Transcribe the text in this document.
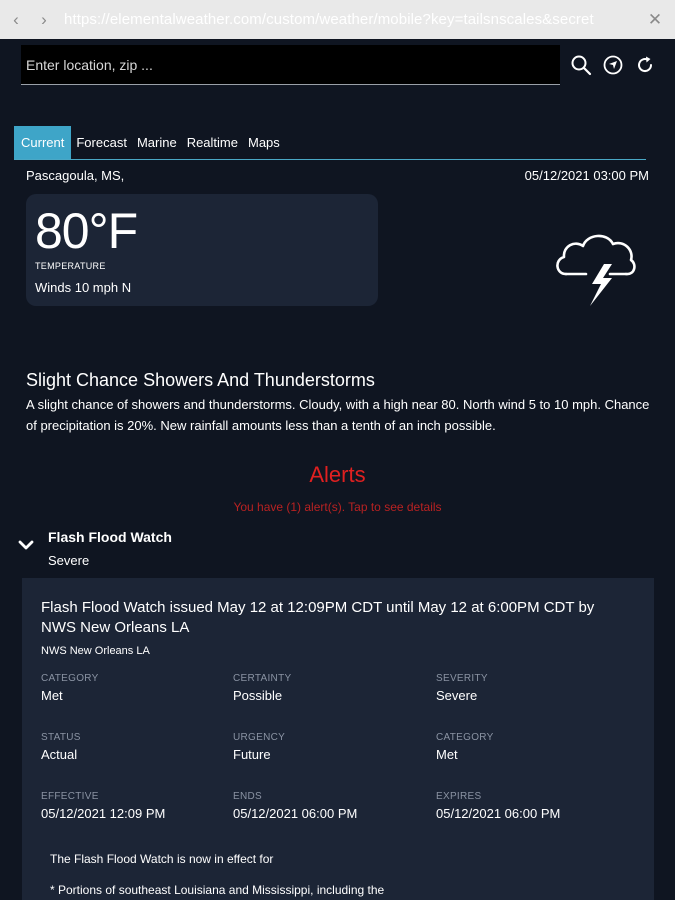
‹	›	https://elementalweather.com/custom/weather/mobile?key=tailsnscales&secret	✕
Enter location, zip ...
Current Forecast Marine Realtime Maps
Pascagoula, MS,	05/12/2021 03:00 PM
80°F
TEMPERATURE
Winds 10 mph N
Slight Chance Showers And Thunderstorms
A slight chance of showers and thunderstorms. Cloudy, with a high near 80. North wind 5 to 10 mph. Chance of precipitation is 20%. New rainfall amounts less than a tenth of an inch possible.
Alerts
You have (1) alert(s). Tap to see details
Flash Flood Watch
Severe
Flash Flood Watch issued May 12 at 12:09PM CDT until May 12 at 6:00PM CDT by NWS New Orleans LA
NWS New Orleans LA
CATEGORY
Met
CERTAINTY
Possible
SEVERITY
Severe
STATUS
Actual
URGENCY
Future
CATEGORY
Met
EFFECTIVE
05/12/2021 12:09 PM
ENDS
05/12/2021 06:00 PM
EXPIRES
05/12/2021 06:00 PM
The Flash Flood Watch is now in effect for
* Portions of southeast Louisiana and Mississippi, including the
